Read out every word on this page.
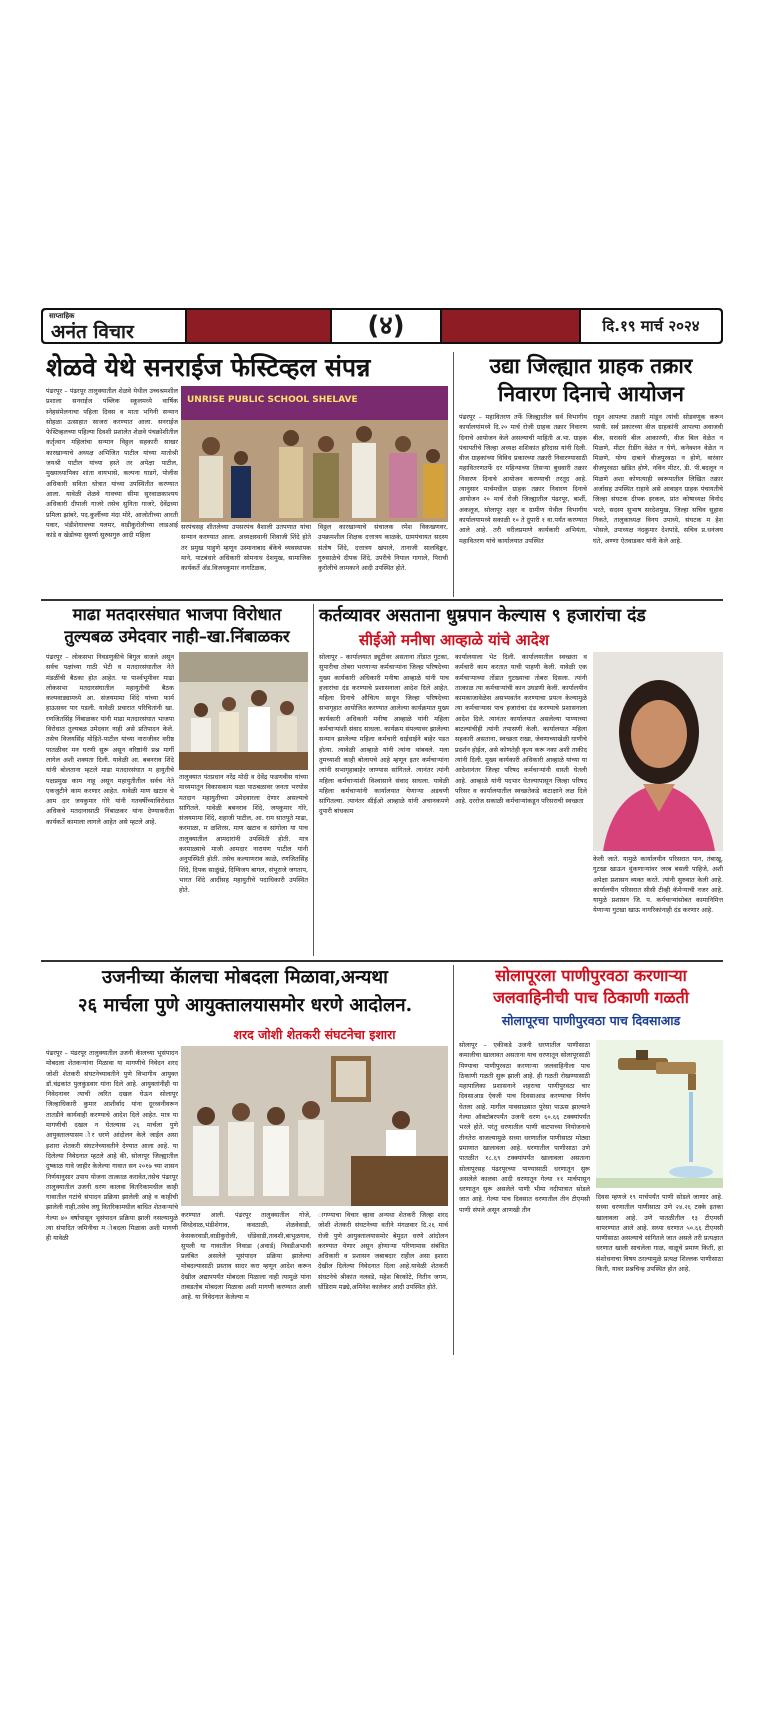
साप्ताहिक
अनंत विचार	(४)	दि.१९ मार्च २०२४
शेळवे येथे सनराईज फेस्टिव्हल संपन्न
पंढरपूर – पंढरपूर तालुक्यातील शेळवे येथील उच्चश्रमशील प्रशाला सनराईज पब्लिक स्कूलमध्ये वार्षिक स्नेहसंमेलनाचा पहिला दिवस व माता भगिनी सन्मान सोहळा उत्साहात साजरा करण्यात आला. सनराईज फेस्टिव्हलच्या पहिल्या दिवशी प्रशालेत शेळवे पंचक्रोशीतील कर्तृत्वान महिलांचा सन्मान विठ्ठल सहकारी साखर कारखान्याचे अध्यक्ष अभिजित पाटील यांच्या मातोश्री जयश्री पाटील यांच्या हस्ते तर अपेक्षा पाटील, मुख्याध्यापिका शांता वायभासे, कल्पना घाडगे, पोलीस अधिकारी सविता धोत्रात यांच्या उपस्थितीत करण्यात आला. यावेळी शेळवे गावच्या सीमा सुरवाळकाश्यय अधिकारी दीपाली गाजरे तसेच सुनिता गाजरे, देवेंद्रध्या प्रमिला झांबरे, पद.कुर्लीच्या मंदा मोरे, आजोतीच्या आरती पवार, भंडीशेगावच्या यलमर, वाडीकुरोलीच्या लाडआई कांडे व खेडोच्या सुवर्णा सुरुसगुरु आदी महिला
UNRISE PUBLIC SCHOOL SHELAVE
सरपंचसह शीतलेच्या उपसरपंच वैशाली उतपणात यांचा सन्मान करण्यात आला. अध्यक्षस्थानी शिवाजी शिंदे होते तर प्रमुख पाहुणे म्हणून उस्मानाबाद बँकेचे व्यवस्थापक माने, पाटबंधारे अधिकारी सोमनाथ देशमुख, सामाजिक कार्यकर्ते ॲड.विजयकुमार नागटिळक,
विठ्ठल कारखान्याचे संचालक रमेश विकखणवर, उपक्रमशील शिक्षक दत्तात्रय काळके, ग्रामपंचायत सदस्य संतोष शिंदे, दत्तात्रय खपाले, तानाजी सालविङ्कर, गुरुसाळेचे दीपक शिंदे, उपरीचे नियाल गागाले, पिराची कुरोलीचे लामकाने आदी उपस्थित होते.
उद्या जिल्ह्यात ग्राहक तक्रार
निवारण दिनाचे आयोजन
पंढरपूर – महावितरण तर्फे जिल्ह्यातील सर्व विभागीय कार्यालयांमध्ये दि.२० मार्च रोजी ग्राहक तक्रार निवारण दिनाचे आयोजन केले असल्याची माहिती अ.भा. ग्राहक पंचायतीचे जिल्हा अध्यक्ष शशिकांत हरिदास यांनी दिली. वीज ग्राहकांच्या विविध प्रकारच्या तक्रारी निवारण्यासाठी महावितरणतर्फे दर महिन्याच्या तिसऱ्या बुधवारी तक्रार निवारण दिनाचे आयोजन करण्याची तरतूद आहे. त्यानुसार मार्चमधील ग्राहक तक्रार निवारण दिनाचे आयोजन २० मार्च रोजी जिल्ह्यातील पंढरपूर, बार्शी, अकलूज, सोलापूर शहर व ग्रामीण येथील विभागीय कार्यालयामध्ये सकाळी १० ते दुपारी १ वा.पर्यंत करण्यात आले आहे. तरी वरीलप्रमाणे कार्यकारी अभियंता, महावितरण यांचे कार्यालयात उपस्थित
राहून आपल्या तक्रारी मांडून त्यांची सोडवणूक करून घ्यावी. सर्व प्रकारच्या वीज ग्राहकांनी आपल्या अवाजवी बील, सरासरी बील आकारणी, वीज बिल वेळेत न मिळणे, मीटर रीडींग वेळेत न घेणे, कनेक्शन वेळेत न मिळणे, योग्य दाबाने वीजपुरवठा न होणे, वारंवार वीजपुरवठा खंडित होणे, नविन मीटर, डी. पी.बदलून न मिळणे अशा कोणत्याही स्वरूपातील लिखित तक्रार अर्जासह उपस्थित राहावे असे आवाहन ग्राहक पंचायतीचे जिल्हा संघटक दीपक इरकल, प्रांत कोषाध्यक्ष विनोद भरते, सदस्य सुभाष सरदेशमुख, जिल्हा सचिव सुहास निकते, तालुकाध्यक्ष विनय उपाध्ये, संघटक म हेश भोसले, उपाध्यक्ष नंदकुमार देशपांडे, सचिव प्र.धनंजय घंते, अण्णा ऐतवाडकर यांनी केले आहे.
माढा मतदारसंघात भाजपा विरोधात
तुल्यबळ उमेदवार नाही–खा.निंबाळकर
पंढरपूर – लोकसभा निवडणुकीचे बिगुल वाजले असून सर्वच पक्षांच्या गाठी भेटी व मतदारसंघातील नेते मंडळींची बैठका होत आहेत. या पार्श्वभूमीवर माढा लोकसभा मतदारसंघातील महायुतीची बैठक कल्पवाड्यामध्ये आ. संजयमामा शिंदे यांच्या फार्म हाऊसवर पार पडली. यावेळी प्रचारात परिचितांनी खा. रणजितसिंह निंबाळकर यांनी माढा मतदारसंघात भाजपा विरोधात तुल्यबळ उमेदवार नाही असे प्रतिपादन केले. तसेच विजयसिंह मोहिते-पाटील यांच्या नाराजीवर वरीष्ठ पातळीवर मन घरणी सुरू असून वरिष्ठांनी प्रश्न मार्गी लागेल अशी शक्यता दिली. यावेळी आ. बबनराव शिंदे यांनी बोलताना म्हटले माढा मतदारसंघात म हायुतीचे पक्षप्रमुख काम नाहू असून महायुतीतील सर्वच नेते एकजुटीने काम करणार आहेत. यावेळी माण खटाव चे आम दार जयकुमार गोरे यांनी गतवर्षीच्याविरोधात अधिकचे मतदानासाठी निंबाळकर यांना देण्याकरीता कार्यकर्ते कामाला लागले आहेत असे म्हटले आहे.
तालुक्यात पंतप्रधान नरेंद्र मोदी व देवेंद्र फडणवीस यांच्या माध्यमातून विकासकाम यळा पाठबळावर जनता भरघोस मतदान महायुतीच्या उमेदवारला देणार असल्याचे सांगितले. यावेळी बबनराव शिंदे, जयकुमार गोरे, संजयमामा शिंदे, शहाजी पाटील, आ. राम सातपुते माढा, करमाळा, म ळशिरस, माण खटाव व सांगोला या पाच तालुक्यातील आमदारांनी उपस्थिती होती. मात्र करमाळ्याचे माजी आमदार नारायण पाटील यांनी अनुपस्थिती होती. तसेच कल्याणराव काळे, रणजितसिंह शिंदे, दिपक साळुंखे, दिग्विजय बागल, संभूराजे जगताप, भारत शिंदे आदींसह महायुतीचे पदाधिकारी उपस्थित होते.
कर्तव्यावर असताना धुम्रपान केल्यास ९ हजारांचा दंड
सीईओ मनीषा आव्हाळे यांचे आदेश
सोलापूर – कार्यालयात ड्युटीवर असताना तोंडात गुटका, सुपारीचा तोबरा भरणाऱ्या कर्मचाऱ्यांना जिल्हा परिषदेच्या मुख्य कार्यकारी अधिकारी मनीषा आव्हाळे यांनी पाच हजारांचा दंड करण्याचे प्रशासनाला आदेश दिले आहेत. महिला दिनाचे औचित्य साधून जिल्हा परिषदेच्या सभागृहात आयोजित करण्यात आलेल्या कार्यक्रमात मुख्य कार्यकारी अधिकारी मनीषा आव्हाळे यांनी महिला कर्मचाऱ्यांशी संवाद साधला. कार्यक्रम संपल्यावर झालेल्या सन्मान झालेल्या महिला कर्मचारी धाईधाईने बाहेर पडत होत्या. त्यावेळी आव्हाळे यांनी त्यांना थांबवले. मला तुमच्याशी काही बोलायचे आहे म्हणून इतर कर्मचाऱ्यांना त्यांनी सभागृहाबाहेर जाण्यास सांगितले. त्यानंतर त्यांनी महिला कर्मचाऱ्यांशी विश्वासाने संवाद साधला. यावेळी महिला कर्मचाऱ्यांनी कार्यालयात येणाऱ्या अडचणी सांगितल्या. त्यानंतर सीईओ आव्हाळे यांनी अचानकपणे दुपारी बांधकाम
कार्यालयाला भेट दिली. कार्यालयातील स्वच्छता व कर्मचारी काम करतात याची पाहणी केली. यावेळी एक कर्मचाऱ्याच्या तोंडात गुटख्याचा तोबरा दिसला. त्यांनी तात्काळ त्या कर्मचाऱ्यांची कान उघडणी केली. कार्यालयीन कामकाजावेळेस असभ्यवर्तन करण्याचा प्रयत्न केल्यामुळे त्या कर्मचाऱ्यास पाच हजारांचा दंड करण्याचे प्रशासनाला आदेश दिले. त्यानंतर कार्यालयात असलेल्या पाण्याच्या बाटल्यांचीही त्यांनी तपासणी केली. कार्यालयात महिला सहकारी असताना, स्वच्छता राखा, जेवणाच्याखेळी घाणीचे प्रदर्शन होईल, असे कोणतेही कृत्य करू नका अशी ताकीद त्यांनी दिली. मुख्य कार्यकारी अधिकारी आव्हाळे यांच्या या आदेशानंतर जिल्हा परिषद कर्मचाऱ्यांनी धास्ती घेतली आहे. आव्हाळे यांनी पदभार घेतल्यापासून जिल्हा परिषद परिसर व कार्यालयातील स्वच्छतेकडे कटाक्षाने लक्ष दिले आहे. दररोज सकाळी कर्मचाऱ्यांकडून परिसराची स्वच्छता
केली जाते. यामुळे कार्यालयीन परिसरात पान, तंबाखू, गुटखा खाऊन थुंकणाऱ्यांवर जरब बसली पाहिजे, अशी अपेक्षा प्रशासन व्यक्त करते. त्यांनी सुरुवात केली आहे. कार्यालयीन परिसरात सीसी टीव्ही कॅमेऱ्याची नजर आहे. यामुळे प्रशासन जि. प. कर्मचाऱ्यांसोबत कामानिमित्त येणाऱ्या गुटखा खाऊ नागरिकांनाही दंड करणार आहे.
उजनीच्या कॅालचा मोबदला मिळावा,अन्यथा
२६ मार्चला पुणे आयुक्तालयासमोर धरणे आदोलन.
शरद जोशी शेतकरी संघटनेचा इशारा
पंढरपूर – पंढरपूर तालुक्यातील उजनी कॅालच्या भूसंपादन मोबदला शेतकऱ्यांना मिळावा या मागणीचे निवेदन शरद जोशी शेतकरी संघटनेच्यावतीने पुणे विभागीय आयुक्त डॉ.चंद्रकांत पुलकुंडवार यांना दिले आहे. आयुक्तांनीही या निवेदनावर त्याची त्वरित दखल घेऊन सोलापूर जिल्हाधिकारी कुमार आशीर्वाद यांना दूरध्वनीवरून तातडीने कार्यवाही करण्याचे आदेश दिले आहेत. मात्र या मागणीची दखल न घेतल्यास २६ मार्चला पुणे आयुक्तालयासम ोर धरणे आंदोलन केले जाईल असा इशारा शेतकरी संघटनेच्यावतीने देण्यात आला आहे. या दिलेल्या निवेदनात म्हटले आहे की, सोलापूर जिल्ह्यातील दुष्काळ गावे जाहीर केलेल्या गावात सन २०१७ च्या शासन निर्णयानुसार उपाय योजना तात्काळ करावेत,तसेच पंढरपूर तालुक्यातील उजनी धरण कालवा वितरिकामधील काही गावातील गटांचे संपादन प्रक्रिया झालेली आहे व काहीची झालेली नाही,तसेच लघु वितरिकामधील बाधित शेतकऱ्यांचे गेल्या ४० वर्षापासून भूसंपादन प्रक्रिया झाली नसल्यामुळे त्या संपादित जमिनीचा म ोबदला मिळावा अशी मागणी ही यावेळी
करण्यात आली. पंढरपूर तालुक्यातील गोजे, सिध्देवाळ,भंडीशेगाव, कवठाळी, शेळवेवाडी, केसकरवाडी,वाडीकुरोली, धोंडेवाडी,तावशी,बाभुळगाव, सुपली या गावातील निवाडा (अवार्ड) निवडीअभावी प्रलंबित असलेले भूसंपादन प्रक्रिया झालेल्या मोबदल्यासाठी प्रस्ताव सादर करा म्हणून आदेश करून देखील अद्यापपर्यंत मोबदला मिळाला नाही त्यामुळे यांना ताबडतोब मोबदला मिळावा अशी मागणी करण्यात आली आहे. या निवेदनात केलेल्या म
ागण्याचा विचार व्हावा अन्यथा शेतकरी जिल्हा शरद जोशी शेतकरी संघटनेच्या वतीने मंगळवार दि.२६ मार्च रोजी पुणे आयुक्तालयासमोर बेमुदत धरणे आंदोलन करण्यात येणार असून होणाऱ्या परिणामास संबंधित अधिकारी व प्रशासन जबाबदार राहील असा इशारा देखील दिलेल्या निवेदनात दिला आहे.यावेळी शेतकरी संघटनेचे श्रीकांत नलवडे, महेश बिरकोटे, नितीन जगम, धोंडिराम मढ्ये,अमिनेश कालेकर आदी उपस्थित होते.
सोलापूरला पाणीपुरवठा करणाऱ्या
जलवाहिनीची पाच ठिकाणी गळती
सोलापूरचा पाणीपुरवठा पाच दिवसाआड
सोलापूर – एकीकडे उजनी धरणातील पाणीसाठा कमालीचा खालावत असताना याच धरणातून सोलापूरसाठी पिण्याचा पाणीपुरवठा करणाऱ्या जलवाहिनीला पाच ठिकाणी गळती सुरू झाली आहे. ही गळती रोखण्यासाठी महापालिका प्रशासनाने शहराचा पाणीपुरवठा चार दिवसाआड ऐवजी पाच दिवसाआड करण्याचा निर्णय घेतला आहे. मागील पावसाळ्यात पुरेसा पाऊस झाल्याने गेल्या ऑक्टोबरपर्यंत उजनी धरण ६०.६६ टक्क्यांपर्यंत भरले होते. परंतु धरणातील पाणी वाटपाच्या नियोजनाचे तीनतेरा वाजल्यामुळे सध्या धरणातील पाणीसाठा मोठ्या प्रमाणात खालावला आहे. धरणातील पाणीसाठा उणे पातळीत १८.६९ टक्क्यांपर्यंत खालावला असताना सोलापूरसह पंढरपूरच्या पाण्यासाठी धरणातून सुरू असलेले कालवा आदी धरणातून गेल्या ११ मार्चपासून धरणातून सुरू असलेले पाणी भीमा नदीपात्रात सोडले जात आहे. गेल्या पाच दिवसात धरणातील तीन टीएमसी पाणी संपले असून आणखी तीन
दिवस म्हणजे १९ मार्चपर्यंत पाणी सोडले जाणार आहे. सध्या धरणातील पाणीसाठा उणे २४.२६ टक्के इतका खालावला आहे. उणे पातळीतील १३ टीएमसी वापरण्यात आले आहे. सध्या धरणात ५०.६६ टीएमसी पाणीसाठा असल्याचे सांगितले जात असले तरी प्रत्यक्षात धरणात खाली साचलेला गाळ, वाळूचे प्रमाण किती, हा संशोधनाचा विषय ठरल्यामुळे प्रत्यक्ष शिल्लक पाणीसाठा किती, यावर प्रश्नचिन्ह उपस्थित होत आहे.
